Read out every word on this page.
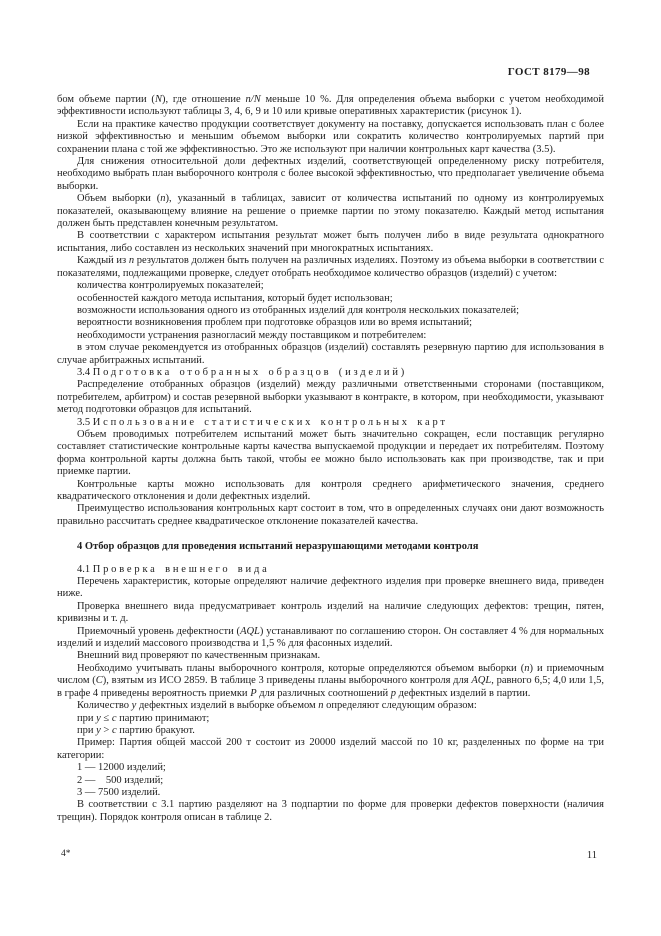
ГОСТ 8179—98

бом объеме партии (N), где отношение n/N меньше 10 %. Для определения объема выборки с учетом необходимой эффективности используют таблицы 3, 4, 6, 9 и 10 или кривые оперативных характеристик (рисунок 1).

Если на практике качество продукции соответствует документу на поставку, допускается использовать план с более низкой эффективностью и меньшим объемом выборки или сократить количество контролируемых партий при сохранении плана с той же эффективностью. Это же используют при наличии контрольных карт качества (3.5).

Для снижения относительной доли дефектных изделий, соответствующей определенному риску потребителя, необходимо выбрать план выборочного контроля с более высокой эффективностью, что предполагает увеличение объема выборки.

Объем выборки (n), указанный в таблицах, зависит от количества испытаний по одному из контролируемых показателей, оказывающему влияние на решение о приемке партии по этому показателю. Каждый метод испытания должен быть представлен конечным результатом.

В соответствии с характером испытания результат может быть получен либо в виде результата однократного испытания, либо составлен из нескольких значений при многократных испытаниях.

Каждый из n результатов должен быть получен на различных изделиях. Поэтому из объема выборки в соответствии с показателями, подлежащими проверке, следует отобрать необходимое количество образцов (изделий) с учетом:

количества контролируемых показателей;

особенностей каждого метода испытания, который будет использован;

возможности использования одного из отобранных изделий для контроля нескольких показателей;

вероятности возникновения проблем при подготовке образцов или во время испытаний;

необходимости устранения разногласий между поставщиком и потребителем:

в этом случае рекомендуется из отобранных образцов (изделий) составлять резервную партию для использования в случае арбитражных испытаний.

3.4 Подготовка отобранных образцов (изделий)

Распределение отобранных образцов (изделий) между различными ответственными сторонами (поставщиком, потребителем, арбитром) и состав резервной выборки указывают в контракте, в котором, при необходимости, указывают метод подготовки образцов для испытаний.

3.5 Использование статистических контрольных карт

Объем проводимых потребителем испытаний может быть значительно сокращен, если поставщик регулярно составляет статистические контрольные карты качества выпускаемой продукции и передает их потребителям. Поэтому форма контрольной карты должна быть такой, чтобы ее можно было использовать как при производстве, так и при приемке партии.

Контрольные карты можно использовать для контроля среднего арифметического значения, среднего квадратического отклонения и доли дефектных изделий.

Преимущество использования контрольных карт состоит в том, что в определенных случаях они дают возможность правильно рассчитать среднее квадратическое отклонение показателей качества.

4 Отбор образцов для проведения испытаний неразрушающими методами контроля

4.1 Проверка внешнего вида

Перечень характеристик, которые определяют наличие дефектного изделия при проверке внешнего вида, приведен ниже.

Проверка внешнего вида предусматривает контроль изделий на наличие следующих дефектов: трещин, пятен, кривизны и т. д.

Приемочный уровень дефектности (AQL) устанавливают по соглашению сторон. Он составляет 4 % для нормальных изделий и изделий массового производства и 1,5 % для фасонных изделий.

Внешний вид проверяют по качественным признакам.

Необходимо учитывать планы выборочного контроля, которые определяются объемом выборки (n) и приемочным числом (C), взятым из ИСО 2859. В таблице 3 приведены планы выборочного контроля для AQL, равного 6,5; 4,0 или 1,5, в графе 4 приведены вероятность приемки P для различных соотношений p дефектных изделий в партии.

Количество y дефектных изделий в выборке объемом n определяют следующим образом:

при y ≤ c партию принимают;

при y > c партию бракуют.

Пример: Партия общей массой 200 т состоит из 20000 изделий массой по 10 кг, разделенных по форме на три категории:

1 — 12000 изделий;

2 —    500 изделий;

3 — 7500 изделий.

В соответствии с 3.1 партию разделяют на 3 подпартии по форме для проверки дефектов поверхности (наличия трещин). Порядок контроля описан в таблице 2.

4*	11
